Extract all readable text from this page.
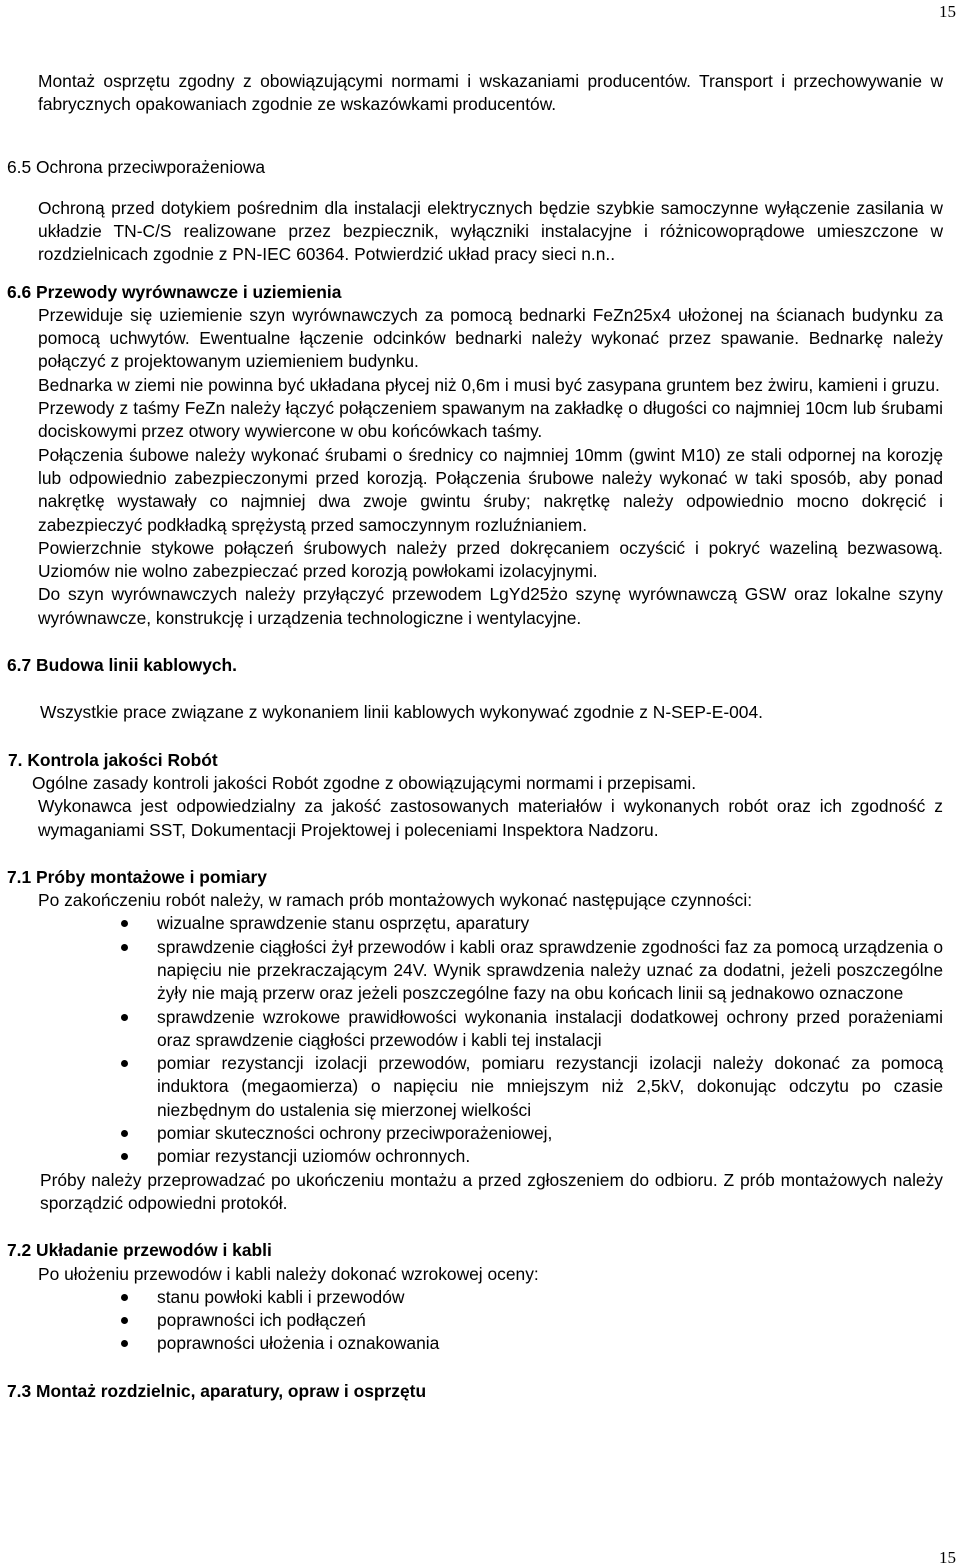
15

Montaż osprzętu zgodny z obowiązującymi normami i wskazaniami producentów. Transport i przechowywanie w fabrycznych opakowaniach zgodnie ze wskazówkami producentów.

6.5 Ochrona przeciwporażeniowa

Ochroną przed dotykiem pośrednim dla instalacji elektrycznych będzie szybkie samoczynne wyłączenie zasilania w układzie TN-C/S realizowane przez bezpiecznik, wyłączniki instalacyjne i różnicowoprądowe umieszczone w rozdzielnicach zgodnie z PN-IEC 60364. Potwierdzić układ pracy sieci n.n..

6.6 Przewody wyrównawcze i uziemienia

Przewiduje się uziemienie szyn wyrównawczych za pomocą bednarki FeZn25x4 ułożonej na ścianach budynku za pomocą uchwytów. Ewentualne łączenie odcinków bednarki należy wykonać przez spawanie. Bednarkę należy połączyć z projektowanym uziemieniem budynku.

Bednarka w ziemi nie powinna być układana płycej niż 0,6m i musi być zasypana gruntem bez żwiru, kamieni i gruzu.

Przewody z taśmy FeZn należy łączyć połączeniem spawanym na zakładkę o długości co najmniej 10cm lub śrubami dociskowymi przez otwory wywiercone w obu końcówkach taśmy.

Połączenia śubowe należy wykonać śrubami o średnicy co najmniej 10mm (gwint M10) ze stali odpornej na korozję lub odpowiednio zabezpieczonymi przed korozją. Połączenia śrubowe należy wykonać w taki sposób, aby ponad nakrętkę wystawały co najmniej dwa zwoje gwintu śruby; nakrętkę należy odpowiednio mocno dokręcić i zabezpieczyć podkładką sprężystą przed samoczynnym rozluźnianiem.

Powierzchnie stykowe połączeń śrubowych należy przed dokręcaniem oczyścić i pokryć wazeliną bezwasową. Uziomów nie wolno zabezpieczać przed korozją powłokami izolacyjnymi.

Do szyn wyrównawczych należy przyłączyć przewodem LgYd25żo szynę wyrównawczą GSW oraz lokalne szyny wyrównawcze, konstrukcję i urządzenia technologiczne i wentylacyjne.

6.7 Budowa linii kablowych.

Wszystkie prace związane z wykonaniem linii kablowych wykonywać zgodnie z N-SEP-E-004.

7. Kontrola jakości Robót

Ogólne zasady kontroli jakości Robót zgodne z obowiązującymi normami i przepisami.

Wykonawca jest odpowiedzialny za jakość zastosowanych materiałów i wykonanych robót oraz ich zgodność z wymaganiami SST, Dokumentacji Projektowej i poleceniami Inspektora Nadzoru.

7.1 Próby montażowe i pomiary

Po zakończeniu robót należy, w ramach prób montażowych wykonać następujące czynności:

wizualne sprawdzenie stanu osprzętu, aparatury
sprawdzenie ciągłości żył przewodów i kabli oraz sprawdzenie zgodności faz za pomocą urządzenia o napięciu nie przekraczającym 24V. Wynik sprawdzenia należy uznać za dodatni, jeżeli poszczególne żyły nie mają przerw oraz jeżeli poszczególne fazy na obu końcach linii są jednakowo oznaczone
sprawdzenie wzrokowe prawidłowości wykonania instalacji dodatkowej ochrony przed porażeniami oraz sprawdzenie ciągłości przewodów i kabli tej instalacji
pomiar rezystancji izolacji przewodów, pomiaru rezystancji izolacji należy dokonać za pomocą induktora (megaomierza) o napięciu nie mniejszym niż 2,5kV, dokonując odczytu po czasie niezbędnym do ustalenia się mierzonej wielkości
pomiar skuteczności ochrony przeciwporażeniowej,
pomiar rezystancji uziomów ochronnych.

Próby należy przeprowadzać po ukończeniu montażu a przed zgłoszeniem do odbioru. Z prób montażowych należy sporządzić odpowiedni protokół.

7.2 Układanie przewodów i kabli

Po ułożeniu przewodów i kabli należy dokonać wzrokowej oceny:

stanu powłoki kabli i przewodów
poprawności ich podłączeń
poprawności ułożenia i oznakowania

7.3 Montaż rozdzielnic, aparatury, opraw i osprzętu

15
